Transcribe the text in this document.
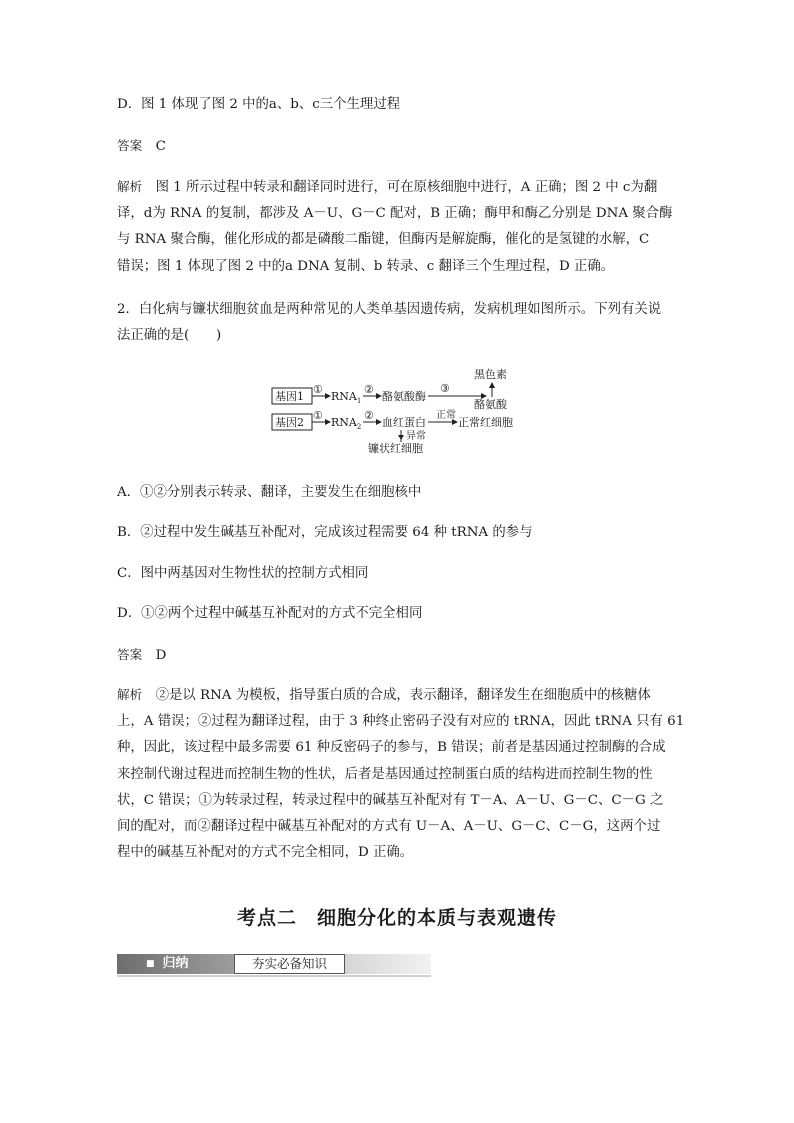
D．图 1 体现了图 2 中的a、b、c三个生理过程
答案  C

解析  图 1 所示过程中转录和翻译同时进行，可在原核细胞中进行，A 正确；图 2 中 c为翻

译，d为 RNA 的复制，都涉及 A－U、G－C 配对，B 正确；酶甲和酶乙分别是 DNA 聚合酶

与 RNA 聚合酶，催化形成的都是磷酸二酯键，但酶丙是解旋酶，催化的是氢键的水解，C

错误；图 1 体现了图 2 中的a DNA 复制、b 转录、c 翻译三个生理过程，D 正确。

2．白化病与镰状细胞贫血是两种常见的人类单基因遗传病，发病机理如图所示。下列有关说

法正确的是(　　)

基因1
①
$RNA_1$
②
酪氨酸酶
③
黑色素
酪氨酸
基因2
①
$RNA_2$
②
血红蛋白
正常
正常红细胞
异常
镰状红细胞
A．①②分别表示转录、翻译，主要发生在细胞核中
B．②过程中发生碱基互补配对，完成该过程需要 64 种 tRNA 的参与
C．图中两基因对生物性状的控制方式相同
D．①②两个过程中碱基互补配对的方式不完全相同
答案  D

解析  ②是以 RNA 为模板，指导蛋白质的合成，表示翻译，翻译发生在细胞质中的核糖体

上，A 错误；②过程为翻译过程，由于 3 种终止密码子没有对应的 tRNA，因此 tRNA 只有 61

种，因此，该过程中最多需要 61 种反密码子的参与，B 错误；前者是基因通过控制酶的合成

来控制代谢过程进而控制生物的性状，后者是基因通过控制蛋白质的结构进而控制生物的性

状，C 错误；①为转录过程，转录过程中的碱基互补配对有 T－A、A－U、G－C、C－G 之

间的配对，而②翻译过程中碱基互补配对的方式有 U－A、A－U、G－C、C－G，这两个过

程中的碱基互补配对的方式不完全相同，D 正确。

考点二　细胞分化的本质与表观遗传
■ 归纳	夯实必备知识
